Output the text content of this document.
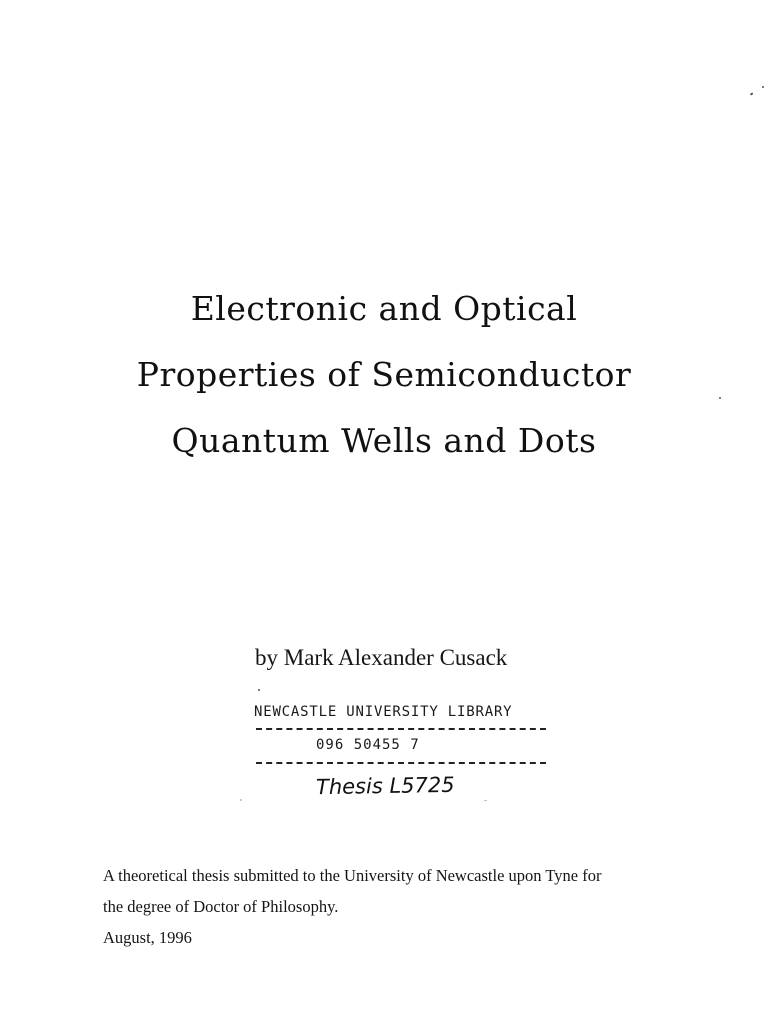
Electronic and Optical
Properties of Semiconductor
Quantum Wells and Dots
by Mark Alexander Cusack
NEWCASTLE UNIVERSITY LIBRARY
096 50455 7
Thesis L5725
A theoretical thesis submitted to the University of Newcastle upon Tyne for
the degree of Doctor of Philosophy.
August, 1996
